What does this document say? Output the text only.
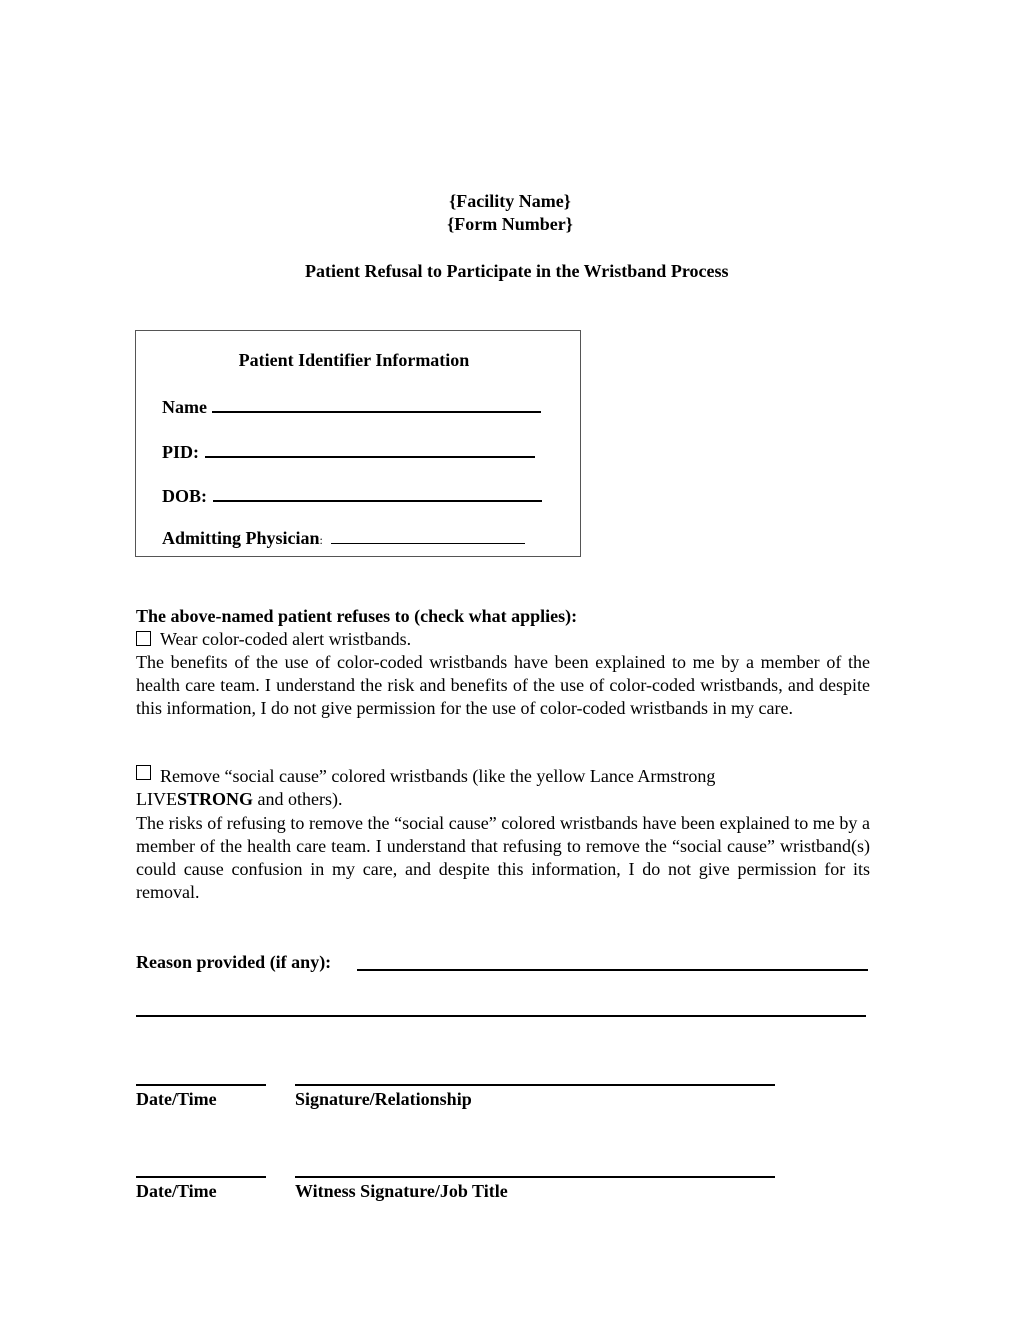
{Facility Name}
{Form Number}
Patient Refusal to Participate in the Wristband Process
Patient Identifier Information
Name
PID:
DOB:
Admitting Physician:
The above-named patient refuses to (check what applies):
Wear color-coded alert wristbands.
The benefits of the use of color-coded wristbands have been explained to me by a member of the health care team. I understand the risk and benefits of the use of color-coded wristbands, and despite this information, I do not give permission for the use of color-coded wristbands in my care.
Remove “social cause” colored wristbands (like the yellow Lance Armstrong
LIVESTRONG and others).
The risks of refusing to remove the “social cause” colored wristbands have been explained to me by a member of the health care team. I understand that refusing to remove the “social cause” wristband(s) could cause confusion in my care, and despite this information, I do not give permission for its removal.
Reason provided (if any):
Date/Time	Signature/Relationship
Date/Time	Witness Signature/Job Title
